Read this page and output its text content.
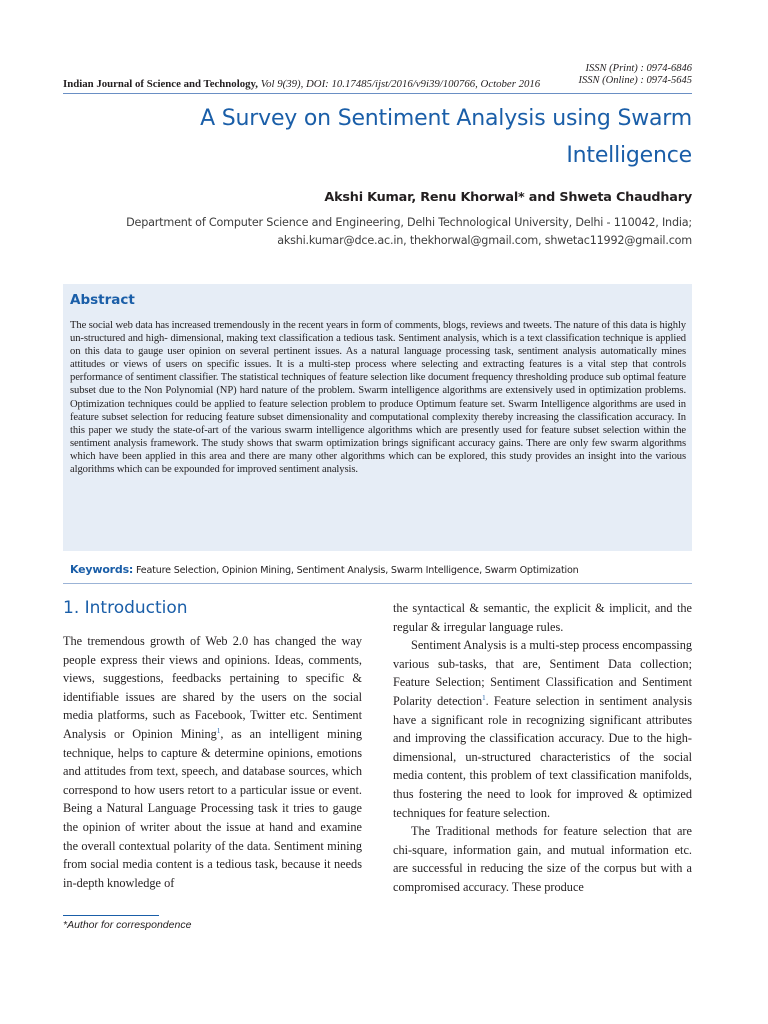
ISSN (Print) : 0974-6846
ISSN (Online) : 0974-5645
Indian Journal of Science and Technology, Vol 9(39), DOI: 10.17485/ijst/2016/v9i39/100766, October 2016
A Survey on Sentiment Analysis using Swarm
Intelligence
Akshi Kumar, Renu Khorwal* and Shweta Chaudhary
Department of Computer Science and Engineering, Delhi Technological University, Delhi - 110042, India;
akshi.kumar@dce.ac.in, thekhorwal@gmail.com, shwetac11992@gmail.com
Abstract
The social web data has increased tremendously in the recent years in form of comments, blogs, reviews and tweets. The nature of this data is highly un-structured and high- dimensional, making text classification a tedious task. Sentiment analysis, which is a text classification technique is applied on this data to gauge user opinion on several pertinent issues. As a natural language processing task, sentiment analysis automatically mines attitudes or views of users on specific issues. It is a multi-step process where selecting and extracting features is a vital step that controls performance of sentiment classifier. The statistical techniques of feature selection like document frequency thresholding produce sub optimal feature subset due to the Non Polynomial (NP) hard nature of the problem. Swarm intelligence algorithms are extensively used in optimization problems. Optimization techniques could be applied to feature selection problem to produce Optimum feature set. Swarm Intelligence algorithms are used in feature subset selection for reducing feature subset dimensionality and computational complexity thereby increasing the classification accuracy. In this paper we study the state-of-art of the various swarm intelligence algorithms which are presently used for feature subset selection within the sentiment analysis framework. The study shows that swarm optimization brings significant accuracy gains. There are only few swarm algorithms which have been applied in this area and there are many other algorithms which can be explored, this study provides an insight into the various algorithms which can be expounded for improved sentiment analysis.
Keywords: Feature Selection, Opinion Mining, Sentiment Analysis, Swarm Intelligence, Swarm Optimization
1. Introduction

The tremendous growth of Web 2.0 has changed the way people express their views and opinions. Ideas, comments, views, suggestions, feedbacks pertaining to specific & identifiable issues are shared by the users on the social media platforms, such as Facebook, Twitter etc. Sentiment Analysis or Opinion Mining$^1$, as an intelligent mining technique, helps to capture & determine opinions, emotions and attitudes from text, speech, and database sources, which correspond to how users retort to a particular issue or event. Being a Natural Language Processing task it tries to gauge the opinion of writer about the issue at hand and examine the overall contextual polarity of the data. Sentiment mining from social media content is a tedious task, because it needs in-depth knowledge of

the syntactical & semantic, the explicit & implicit, and the regular & irregular language rules.

Sentiment Analysis is a multi-step process encompassing various sub-tasks, that are, Sentiment Data collection; Feature Selection; Sentiment Classification and Sentiment Polarity detection$^1$. Feature selection in sentiment analysis have a significant role in recognizing significant attributes and improving the classification accuracy. Due to the high- dimensional, un-structured characteristics of the social media content, this problem of text classification manifolds, thus fostering the need to look for improved & optimized techniques for feature selection.

The Traditional methods for feature selection that are chi-square, information gain, and mutual information etc. are successful in reducing the size of the corpus but with a compromised accuracy. These produce

*Author for correspondence
